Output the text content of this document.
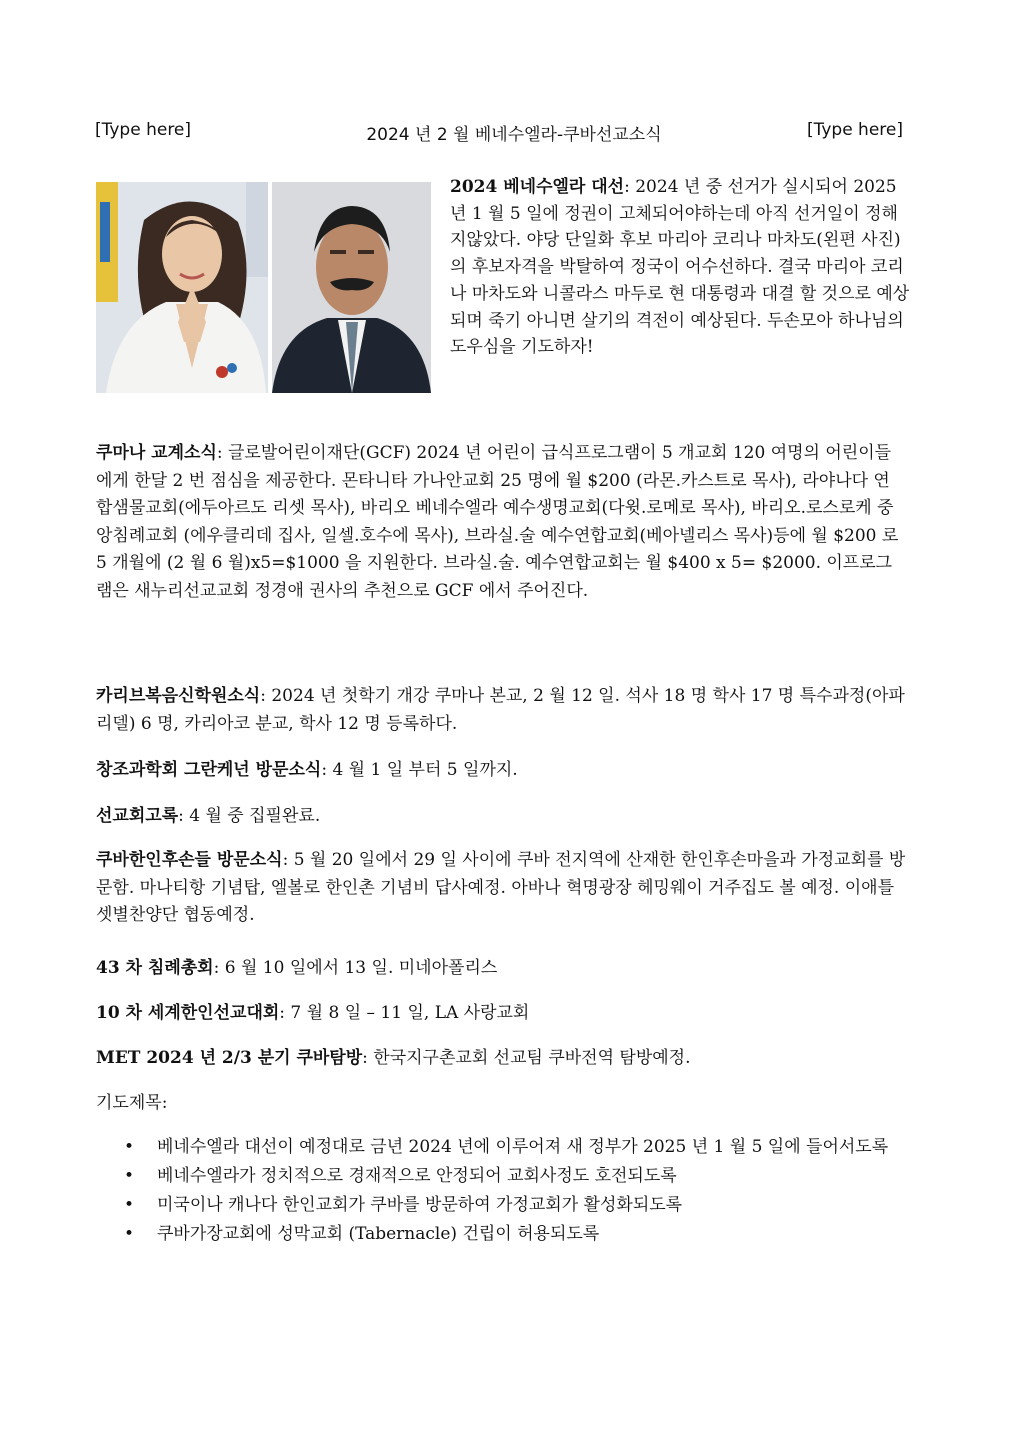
[Type here]	2024 년 2 월 베네수엘라-쿠바선교소식	[Type here]
2024 베네수엘라 대선: 2024 년 중 선거가 실시되어 2025 년 1 월 5 일에 정권이 고체되어야하는데 아직 선거일이 정해지않았다. 야당 단일화 후보 마리아 코리나 마차도(왼편 사진)의 후보자격을 박탈하여 정국이 어수선하다. 결국 마리아 코리나 마차도와 니콜라스 마두로 현 대통령과 대결 할 것으로 예상되며 죽기 아니면 살기의 격전이 예상된다. 두손모아 하나님의 도우심을 기도하자!
쿠마나 교계소식: 글로발어린이재단(GCF) 2024 년 어린이 급식프로그램이 5 개교회 120 여명의 어린이들에게 한달 2 번 점심을 제공한다. 몬타니타 가나안교회 25 명에 월 $200 (라몬.카스트로 목사), 라야나다 연합샘물교회(에두아르도 리셋 목사), 바리오 베네수엘라 예수생명교회(다윗.로메로 목사), 바리오.로스로케 중앙침례교회 (에우클리데 집사, 일셀.호수에 목사), 브라실.술 예수연합교회(베아넬리스 목사)등에 월 $200 로 5 개월에 (2 월 6 월)x5=$1000 을 지원한다. 브라실.술. 예수연합교회는 월 $400 x 5= $2000. 이프로그램은 새누리선교교회 정경애 권사의 추천으로 GCF 에서 주어진다.
카리브복음신학원소식: 2024 년 첫학기 개강 쿠마나 본교, 2 월 12 일. 석사 18 명 학사 17 명 특수과정(아파리델) 6 명, 카리아코 분교, 학사 12 명 등록하다.
창조과학회 그란케넌 방문소식: 4 월 1 일 부터 5 일까지.
선교회고록: 4 월 중 집필완료.
쿠바한인후손들 방문소식: 5 월 20 일에서 29 일 사이에 쿠바 전지역에 산재한 한인후손마을과 가정교회를 방문함. 마나티항 기념탑, 엘볼로 한인촌 기념비 답사예정. 아바나 혁명광장 헤밍웨이 거주집도 볼 예정. 이애틀 셋별찬양단 협동예정.
43 차 침례총회: 6 월 10 일에서 13 일. 미네아폴리스
10 차 세계한인선교대회: 7 월 8 일 – 11 일, LA 사랑교회
MET 2024 년 2/3 분기 쿠바탐방: 한국지구촌교회 선교팀 쿠바전역 탐방예정.
기도제목:
• 베네수엘라 대선이 예정대로 금년 2024 년에 이루어져 새 정부가 2025 년 1 월 5 일에 들어서도록
• 베네수엘라가 정치적으로 경재적으로 안정되어 교회사정도 호전되도록
• 미국이나 캐나다 한인교회가 쿠바를 방문하여 가정교회가 활성화되도록
• 쿠바가장교회에 성막교회 (Tabernacle) 건립이 허용되도록
